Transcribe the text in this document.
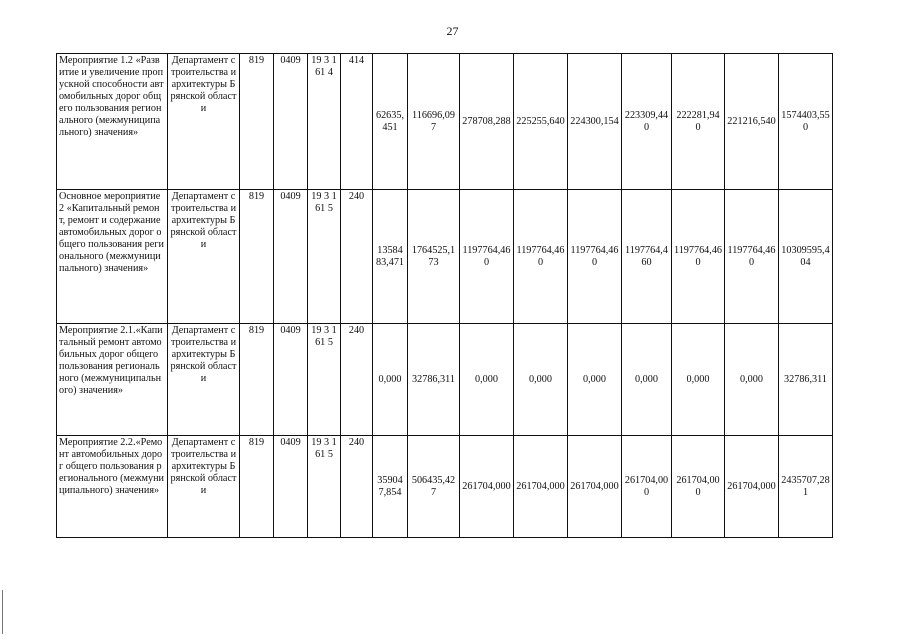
27
Мероприятие 1.2 «Развитие и увеличение пропускной способности автомобильных дорог общего пользования регионального (межмуниципального) значения»	Департамент строительства и архитектуры Брянской области	819	0409	19 3 161 4	414	62635,451	116696,097	278708,288	225255,640	224300,154	223309,440	222281,940	221216,540	1574403,550
Основное мероприятие 2 «Капитальный ремонт, ремонт и содержание автомобильных дорог общего пользования регионального (межмуниципального) значения»	Департамент строительства и архитектуры Брянской области	819	0409	19 3 161 5	240	1358483,471	1764525,173	1197764,460	1197764,460	1197764,460	1197764,460	1197764,460	1197764,460	10309595,404
Мероприятие 2.1.«Капитальный ремонт автомобильных дорог общего пользования регионального (межмуниципального) значения»	Департамент строительства и архитектуры Брянской области	819	0409	19 3 161 5	240	0,000	32786,311	0,000	0,000	0,000	0,000	0,000	0,000	32786,311
Мероприятие 2.2.«Ремонт автомобильных дорог общего пользования регионального (межмуниципального) значения»	Департамент строительства и архитектуры Брянской области	819	0409	19 3 161 5	240	359047,854	506435,427	261704,000	261704,000	261704,000	261704,000	261704,000	261704,000	2435707,281
